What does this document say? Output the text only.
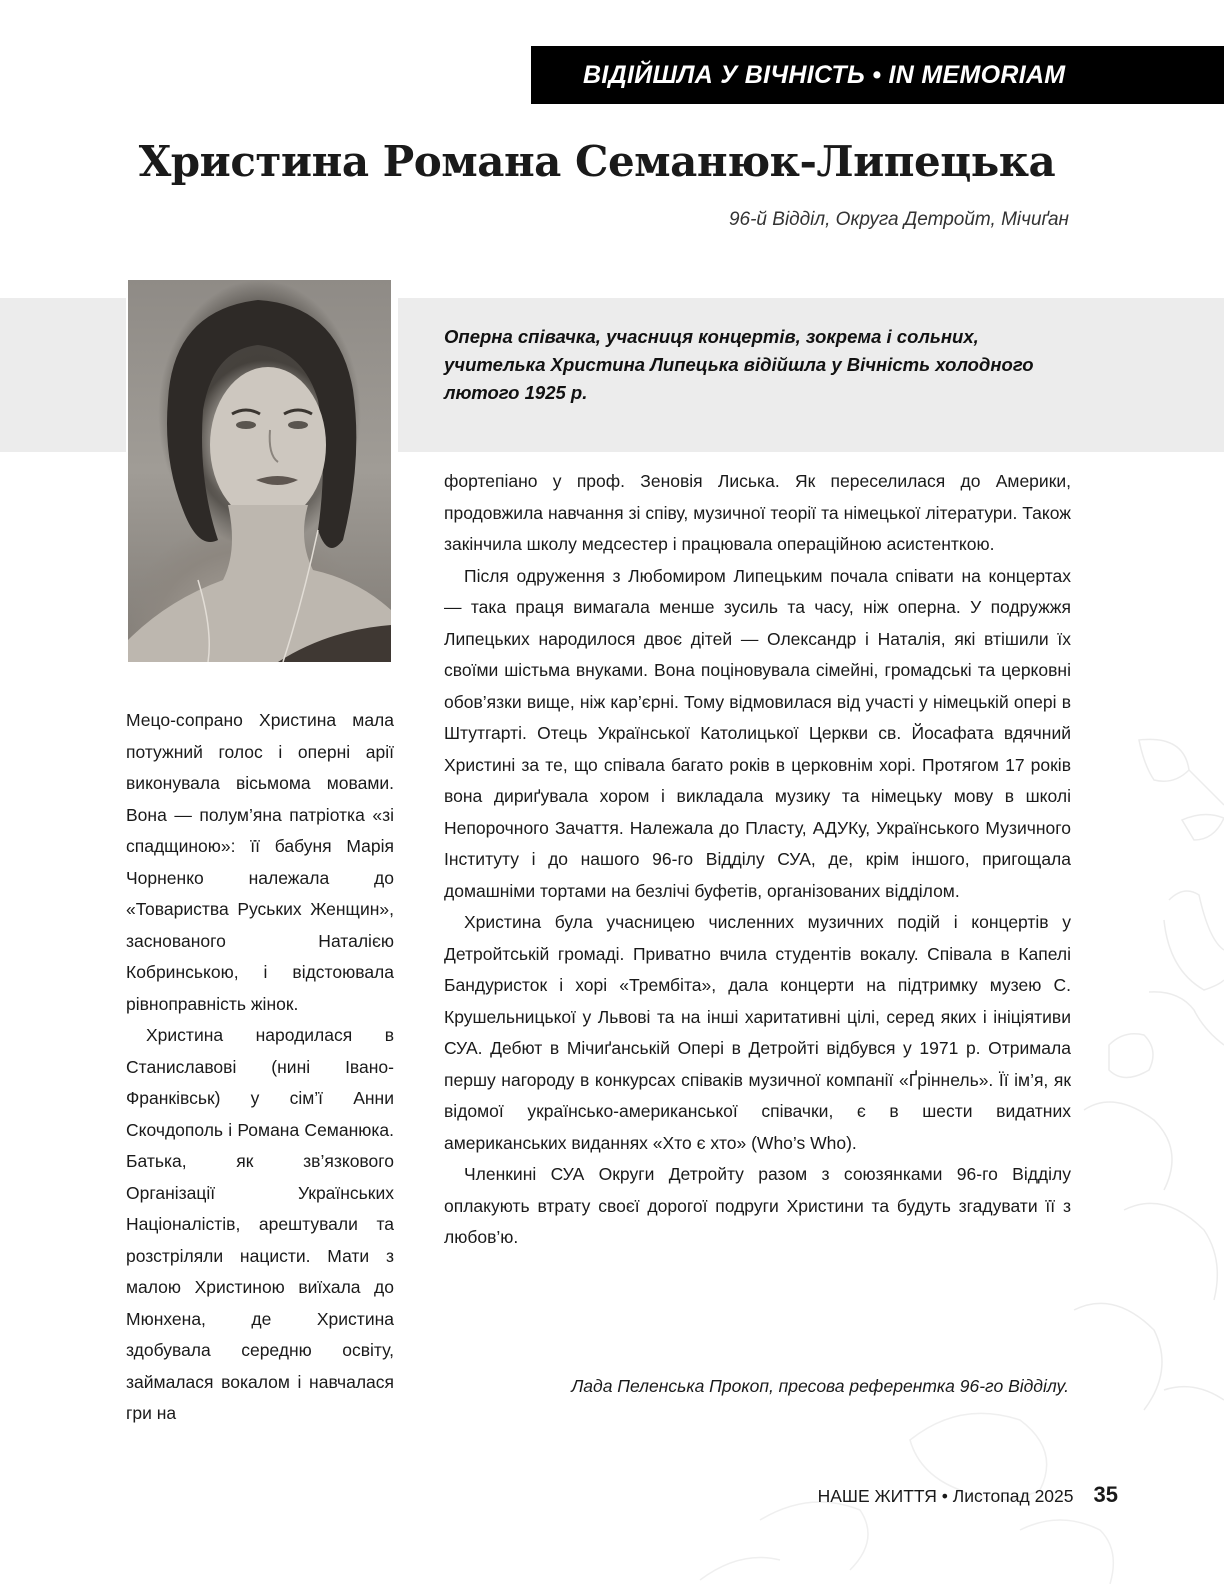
ВІДІЙШЛА У ВІЧНІСТЬ • IN MEMORIAM
Христина Романа Семанюк-Липецька
96-й Відділ, Округа Детройт, Мічиґан
Оперна співачка, учасниця концертів, зокрема і сольних, учителька Христина Липецька відійшла у Вічність холодного лютого 1925 р.

Мецо-сопрано Христина мала потужний голос і оперні арії виконувала вісьмома мовами. Вона — полум’яна патріотка «зі спадщиною»: її бабуня Марія Чорненко належала до «Товариства Руських Женщин», заснованого Наталією Кобринською, і відстоювала рівноправність жінок.

Христина народилася в Станиславові (нині Івано-Франківськ) у сім’ї Анни Скочдополь і Романа Семанюка. Батька, як зв’язкового Організації Українських Націоналістів, арештували та розстріляли нацисти. Мати з малою Христиною виїхала до Мюнхена, де Христина здобувала середню освіту, займалася вокалом і навчалася гри на

фортепіано у проф. Зеновія Лиська. Як переселилася до Америки, продовжила навчання зі співу, музичної теорії та німецької літератури. Також закінчила школу медсестер і працювала операційною асистенткою.

Після одруження з Любомиром Липецьким почала співати на концертах — така праця вимагала менше зусиль та часу, ніж оперна. У подружжя Липецьких народилося двоє дітей — Олександр і Наталія, які втішили їх своїми шістьма внуками. Вона поціновувала сімейні, громадські та церковні обов’язки вище, ніж кар’єрні. Тому відмовилася від участі у німецькій опері в Штутгарті. Отець Української Католицької Церкви св. Йосафата вдячний Христині за те, що співала багато років в церковнім хорі. Протягом 17 років вона дириґувала хором і викладала музику та німецьку мову в школі Непорочного Зачаття. Належала до Пласту, АДУКу, Українського Музичного Інституту і до нашого 96-го Відділу СУА, де, крім іншого, пригощала домашніми тортами на безлічі буфетів, організованих відділом.

Христина була учасницею численних музичних подій і концертів у Детройтській громаді. Приватно вчила студентів вокалу. Співала в Капелі Бандуристок і хорі «Трембіта», дала концерти на підтримку музею С. Крушельницької у Львові та на інші харитативні цілі, серед яких і ініціятиви СУА. Дебют в Мічиґанській Опері в Детройті відбувся у 1971 р. Отримала першу нагороду в конкурсах співаків музичної компанії «Ґріннель». Її ім’я, як відомої українсько-американської співачки, є в шести видатних американських виданнях «Хто є хто» (Who’s Who).

Членкині СУА Округи Детройту разом з союзянками 96-го Відділу оплакують втрату своєї дорогої подруги Христини та будуть згадувати її з любов’ю.

Лада Пеленська Прокоп, пресова референтка 96-го Відділу.
НАШЕ ЖИТТЯ • Листопад 2025 35
